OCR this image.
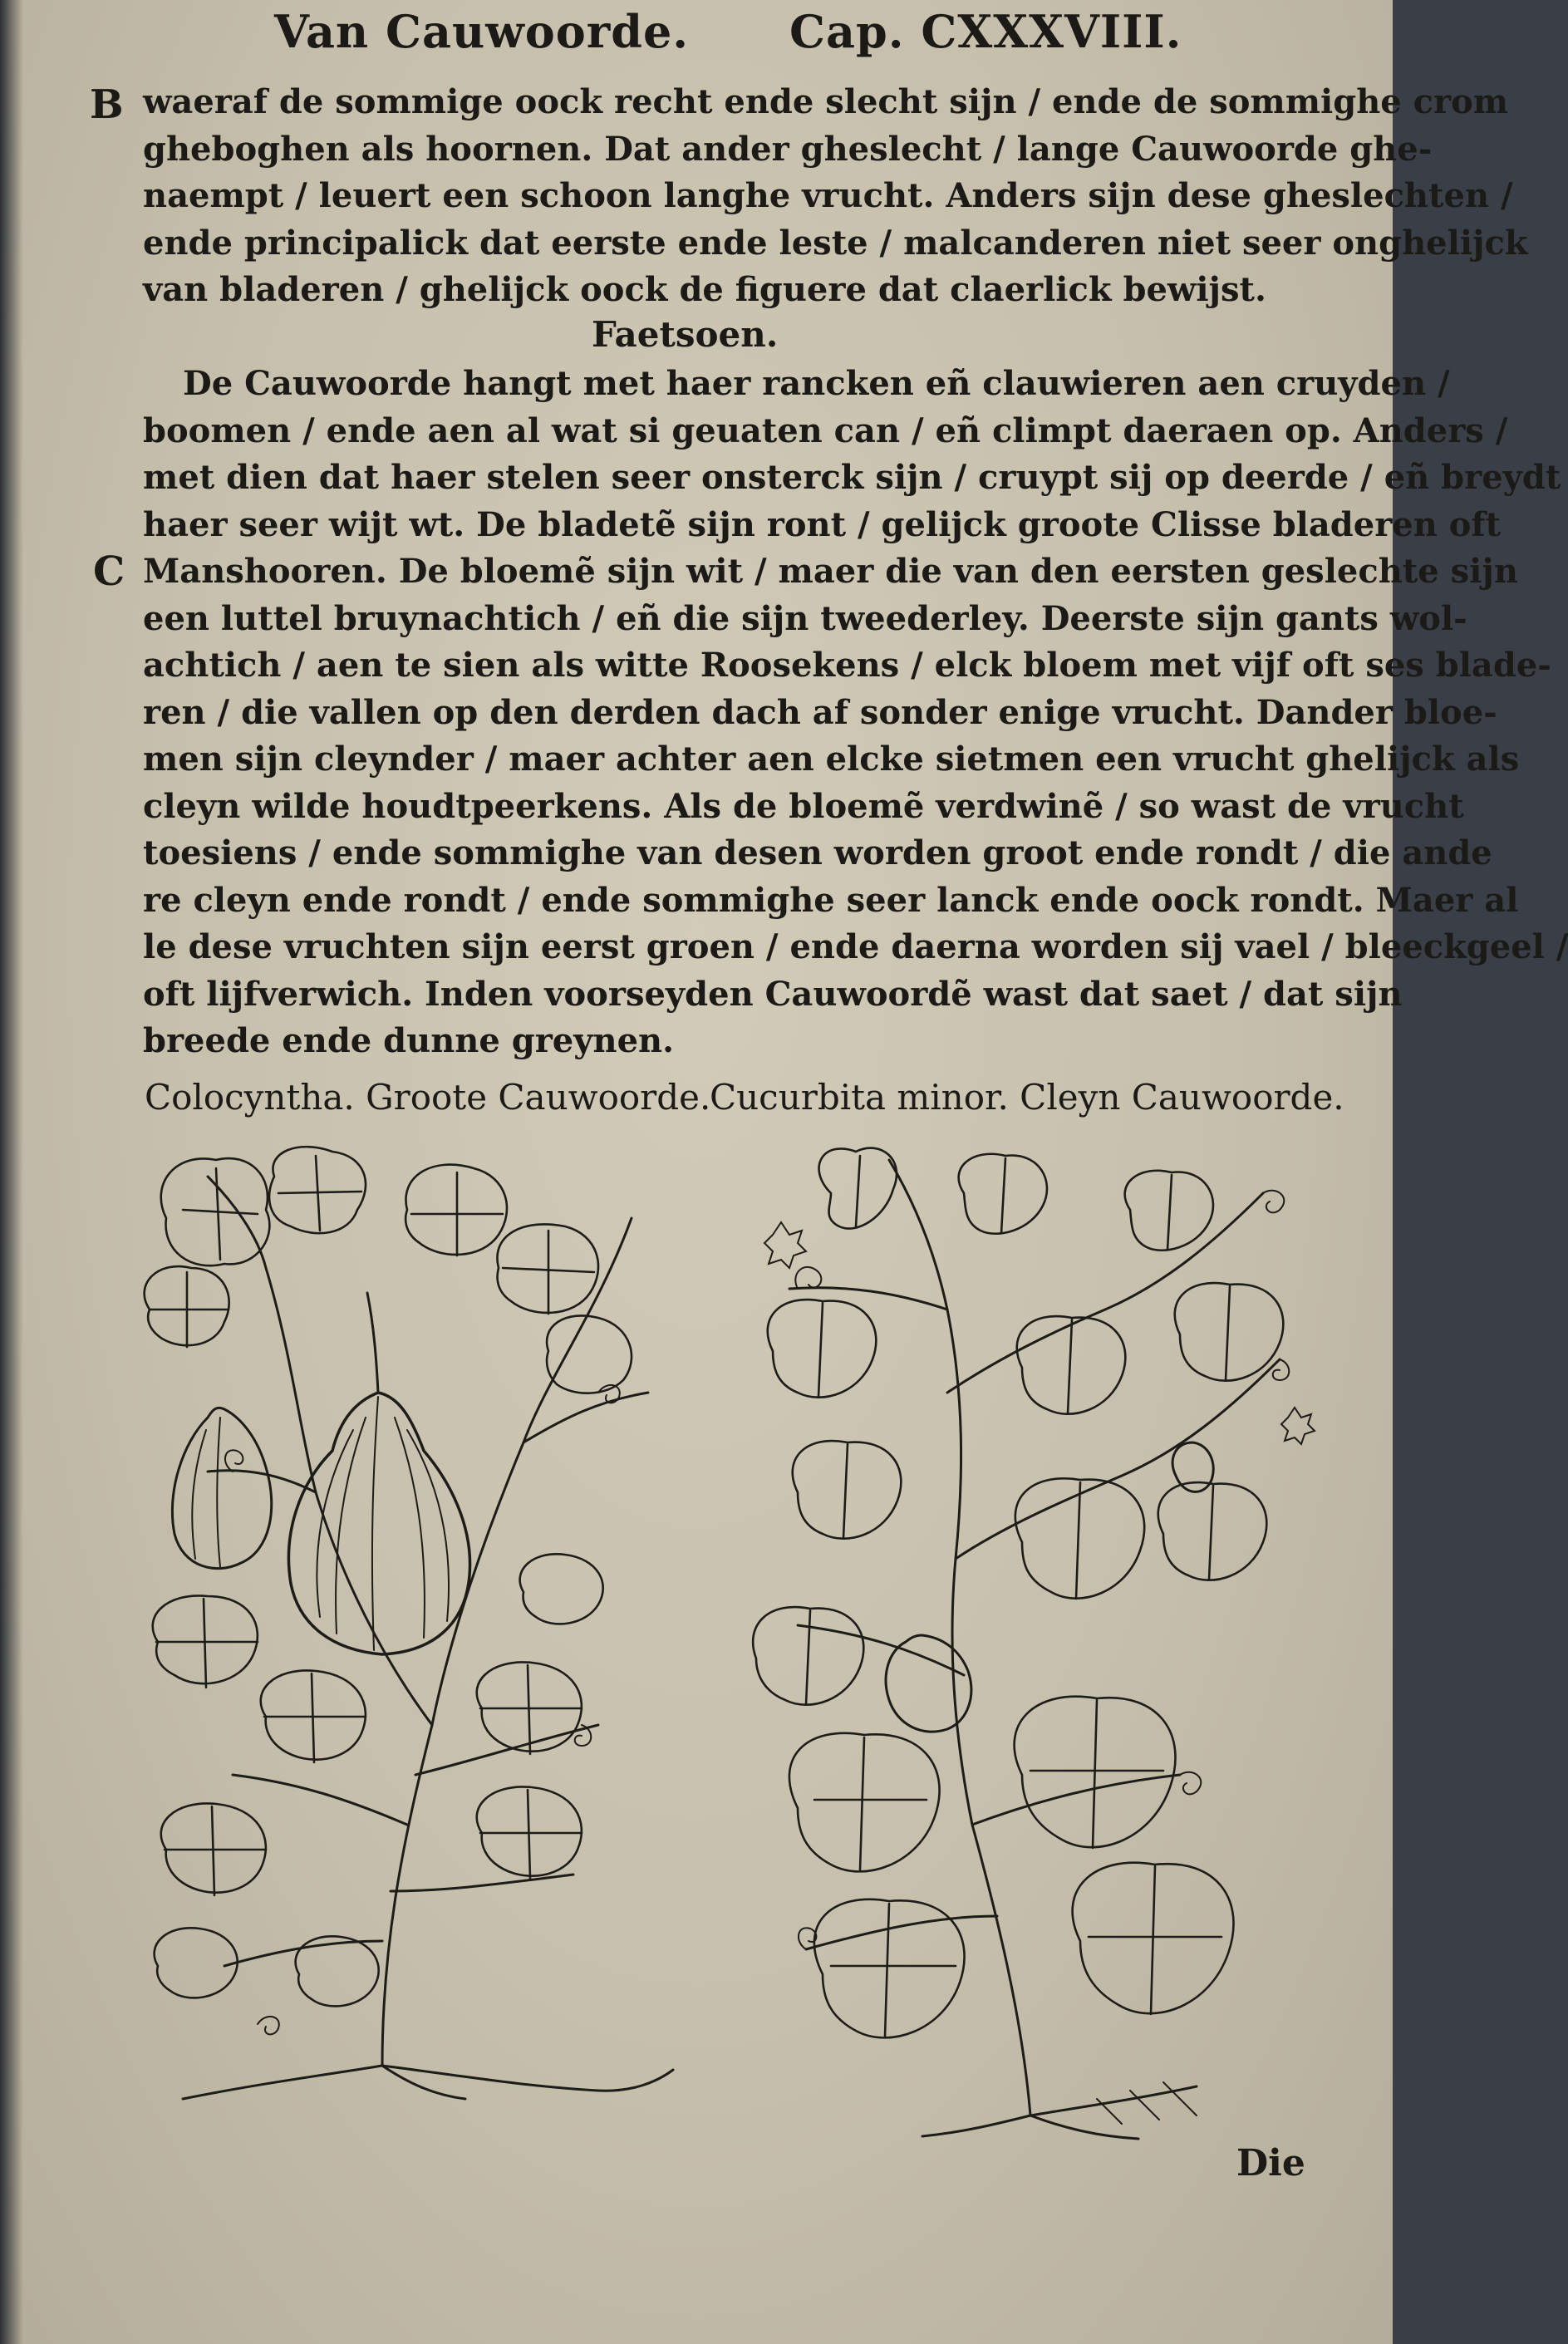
Van Cauwoorde. Cap. CXXXVIII.
B
C
waeraf de sommige oock recht ende slecht sijn / ende de sommighe crom
gheboghen als hoornen. Dat ander gheslecht / lange Cauwoorde ghe-
naempt / leuert een schoon langhe vrucht. Anders sijn dese gheslechten /
ende principalick dat eerste ende leste / malcanderen niet seer onghelijck
van bladeren / ghelijck oock de figuere dat claerlick bewijst.
Faetsoen.
De Cauwoorde hangt met haer rancken eñ clauwieren aen cruyden /
boomen / ende aen al wat si geuaten can / eñ climpt daeraen op. Anders /
met dien dat haer stelen seer onsterck sijn / cruypt sij op deerde / eñ breydt
haer seer wijt wt. De bladetẽ sijn ront / gelijck groote Clisse bladeren oft
Manshooren. De bloemẽ sijn wit / maer die van den eersten geslechte sijn
een luttel bruynachtich / eñ die sijn tweederley. Deerste sijn gants wol-
achtich / aen te sien als witte Roosekens / elck bloem met vijf oft ses blade-
ren / die vallen op den derden dach af sonder enige vrucht. Dander bloe-
men sijn cleynder / maer achter aen elcke sietmen een vrucht ghelijck als
cleyn wilde houdtpeerkens. Als de bloemẽ verdwinẽ / so wast de vrucht
toesiens / ende sommighe van desen worden groot ende rondt / die ande
re cleyn ende rondt / ende sommighe seer lanck ende oock rondt. Maer al
le dese vruchten sijn eerst groen / ende daerna worden sij vael / bleeckgeel /
oft lijfverwich. Inden voorseyden Cauwoordẽ wast dat saet / dat sijn
breede ende dunne greynen.
Colocyntha. Groote Cauwoorde.
Cucurbita minor. Cleyn Cauwoorde.
Die
